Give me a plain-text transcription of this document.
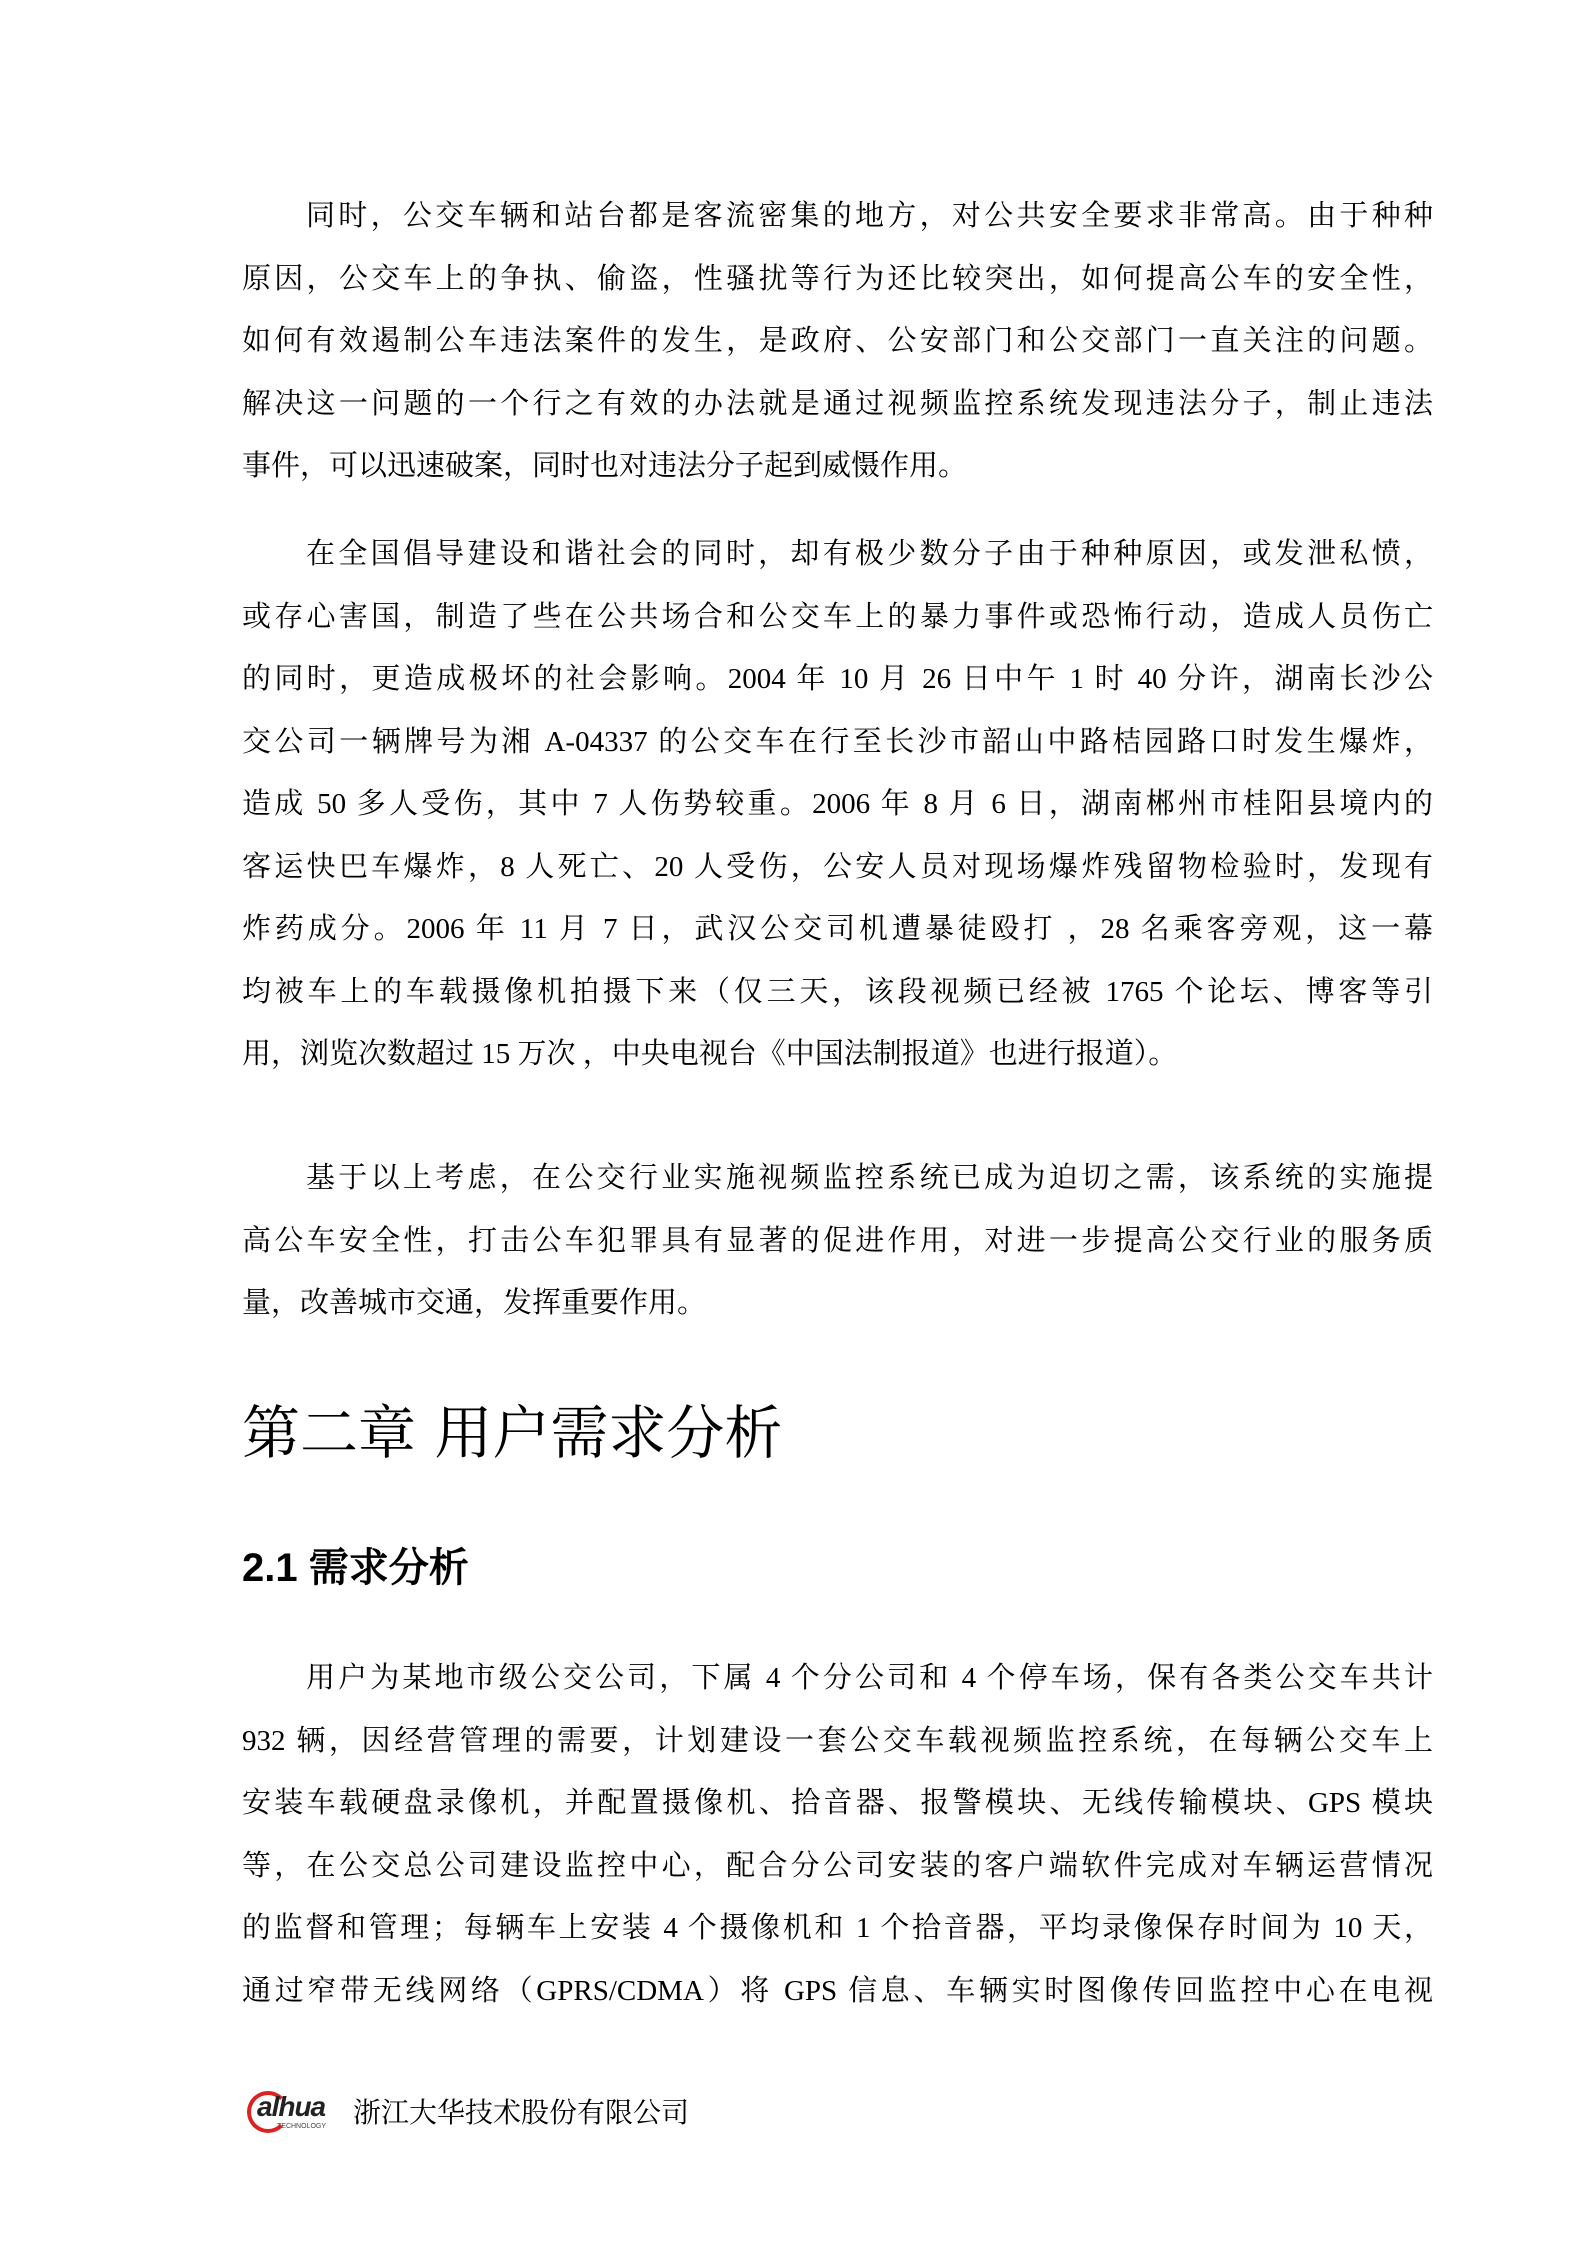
同时，公交车辆和站台都是客流密集的地方，对公共安全要求非常高。由于种种
原因，公交车上的争执、偷盗，性骚扰等行为还比较突出，如何提高公车的安全性，
如何有效遏制公车违法案件的发生，是政府、公安部门和公交部门一直关注的问题。
解决这一问题的一个行之有效的办法就是通过视频监控系统发现违法分子，制止违法
事件，可以迅速破案，同时也对违法分子起到威慑作用。
在全国倡导建设和谐社会的同时，却有极少数分子由于种种原因，或发泄私愤，
或存心害国，制造了些在公共场合和公交车上的暴力事件或恐怖行动，造成人员伤亡
的同时，更造成极坏的社会影响。2004 年 10 月 26 日中午 1 时 40 分许，湖南长沙公
交公司一辆牌号为湘 A-04337 的公交车在行至长沙市韶山中路桔园路口时发生爆炸，
造成 50 多人受伤，其中 7 人伤势较重。2006 年 8 月 6 日，湖南郴州市桂阳县境内的
客运快巴车爆炸，8 人死亡、20 人受伤，公安人员对现场爆炸残留物检验时，发现有
炸药成分。2006 年 11 月 7 日，武汉公交司机遭暴徒殴打 ，28 名乘客旁观，这一幕
均被车上的车载摄像机拍摄下来（仅三天，该段视频已经被 1765 个论坛、博客等引
用，浏览次数超过 15 万次 ，中央电视台《中国法制报道》也进行报道）。
基于以上考虑，在公交行业实施视频监控系统已成为迫切之需，该系统的实施提
高公车安全性，打击公车犯罪具有显著的促进作用，对进一步提高公交行业的服务质
量，改善城市交通，发挥重要作用。
第二章 用户需求分析
2.1 需求分析
用户为某地市级公交公司，下属 4 个分公司和 4 个停车场，保有各类公交车共计
932 辆，因经营管理的需要，计划建设一套公交车载视频监控系统，在每辆公交车上
安装车载硬盘录像机，并配置摄像机、拾音器、报警模块、无线传输模块、GPS 模块
等，在公交总公司建设监控中心，配合分公司安装的客户端软件完成对车辆运营情况
的监督和管理；每辆车上安装 4 个摄像机和 1 个拾音器，平均录像保存时间为 10 天，
通过窄带无线网络（GPRS/CDMA）将 GPS 信息、车辆实时图像传回监控中心在电视
alhua
TECHNOLOGY 浙江大华技术股份有限公司
